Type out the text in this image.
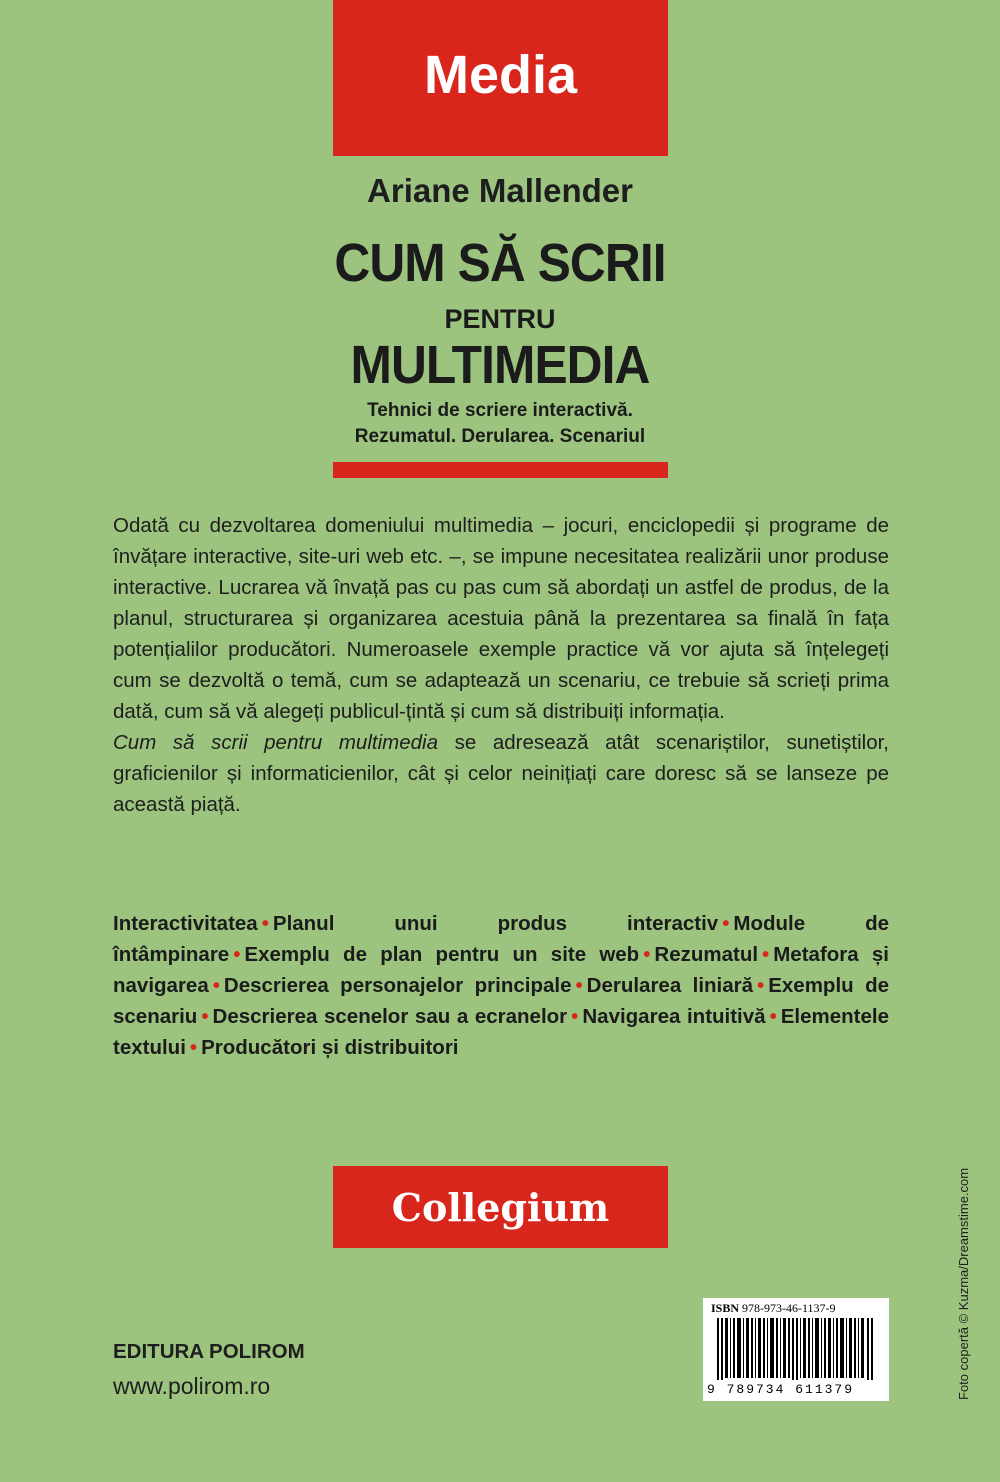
Media
Ariane Mallender
CUM SĂ SCRII
PENTRU
MULTIMEDIA
Tehnici de scriere interactivă.
Rezumatul. Derularea. Scenariul

Odată cu dezvoltarea domeniului multimedia – jocuri, enciclopedii și programe de învățare interactive, site-uri web etc. –, se impune necesitatea realizării unor produse interactive. Lucrarea vă învață pas cu pas cum să abordați un astfel de produs, de la planul, structurarea și organizarea acestuia până la prezentarea sa finală în fața potențialilor producători. Numeroasele exemple practice vă vor ajuta să înțelegeți cum se dezvoltă o temă, cum se adaptează un scenariu, ce trebuie să scrieți prima dată, cum să vă alegeți publicul-țintă și cum să distribuiți informația.

Cum să scrii pentru multimedia se adresează atât scenariștilor, sunetiștilor, graficienilor și informaticienilor, cât și celor neinițiați care doresc să se lanseze pe această piață.

Interactivitatea • Planul unui produs interactiv • Module de întâmpinare • Exemplu de plan pentru un site web • Rezumatul • Metafora și navigarea • Descrierea personajelor principale • Derularea liniară • Exemplu de scenariu • Descrierea scenelor sau a ecranelor • Navigarea intuitivă • Elementele textului • Producători și distribuitori
Collegium
EDITURA POLIROM
www.polirom.ro
ISBN 978-973-46-1137-9
9 789734 611379	Foto copertă © Kuzma/Dreamstime.com
